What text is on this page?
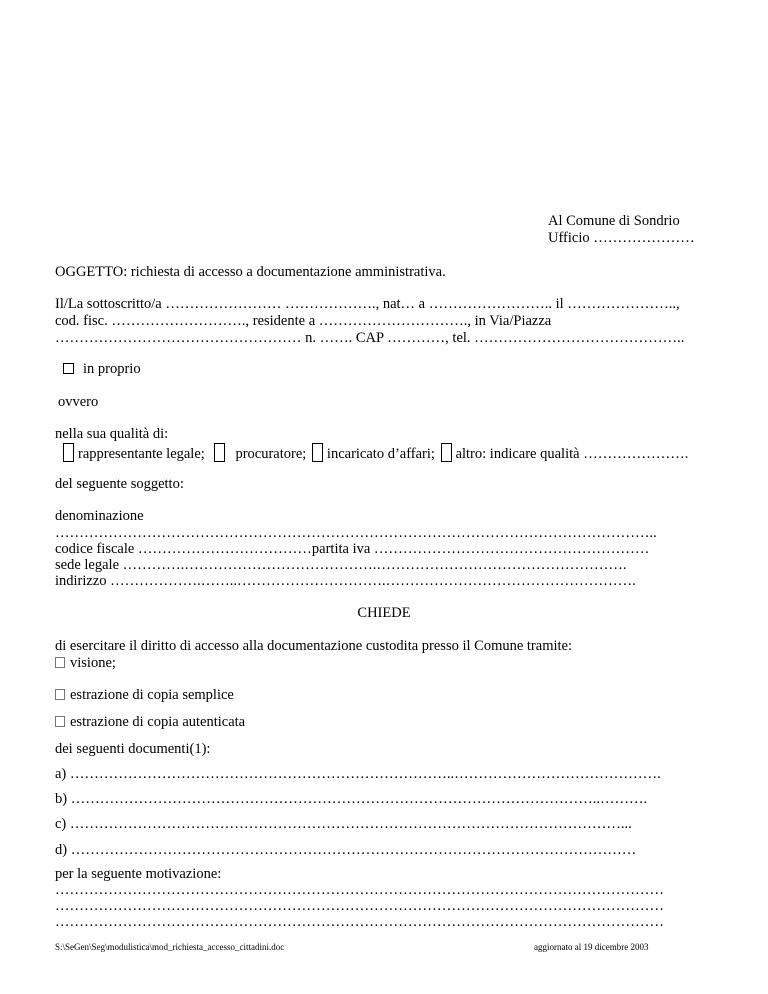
Al Comune di Sondrio
Ufficio …………………
OGGETTO: richiesta di accesso a documentazione amministrativa.
Il/La sottoscritto/a …………………… ………………., nat… a …………………….. il …………………..,
cod. fisc. ………………………., residente a …………………………., in Via/Piazza
…………………………………………… n. ……. CAP …………, tel. ……………………………………..
in proprio
ovvero
nella sua qualità di:
rappresentante legale; procuratore; incaricato d’affari; altro: indicare qualità ………………….
del seguente soggetto:
denominazione
……………………………………………………………………………………………………………..
codice fiscale ………………………………partita iva …………………………………………………
sede legale ………….………………………………….…………………………………………….
indirizzo ……………….……..………………………….…………………………………………….
CHIEDE
di esercitare il diritto di accesso alla documentazione custodita presso il Comune tramite:
visione;
estrazione di copia semplice
estrazione di copia autenticata
dei seguenti documenti(1):
a) ……………………………………………………………………..…………………………………….
b) ………………………………………………………………………………………………..……….
c) ……………………………………………………………………………………………………...
d) ………………………………………………………………………………………………………
per la seguente motivazione:
………………………………………………………………………………………………………………
………………………………………………………………………………………………………………
………………………………………………………………………………………………………………
S:\SeGen\Seg\modulistica\mod_richiesta_accesso_cittadini.doc	aggiornato al 19 dicembre 2003
